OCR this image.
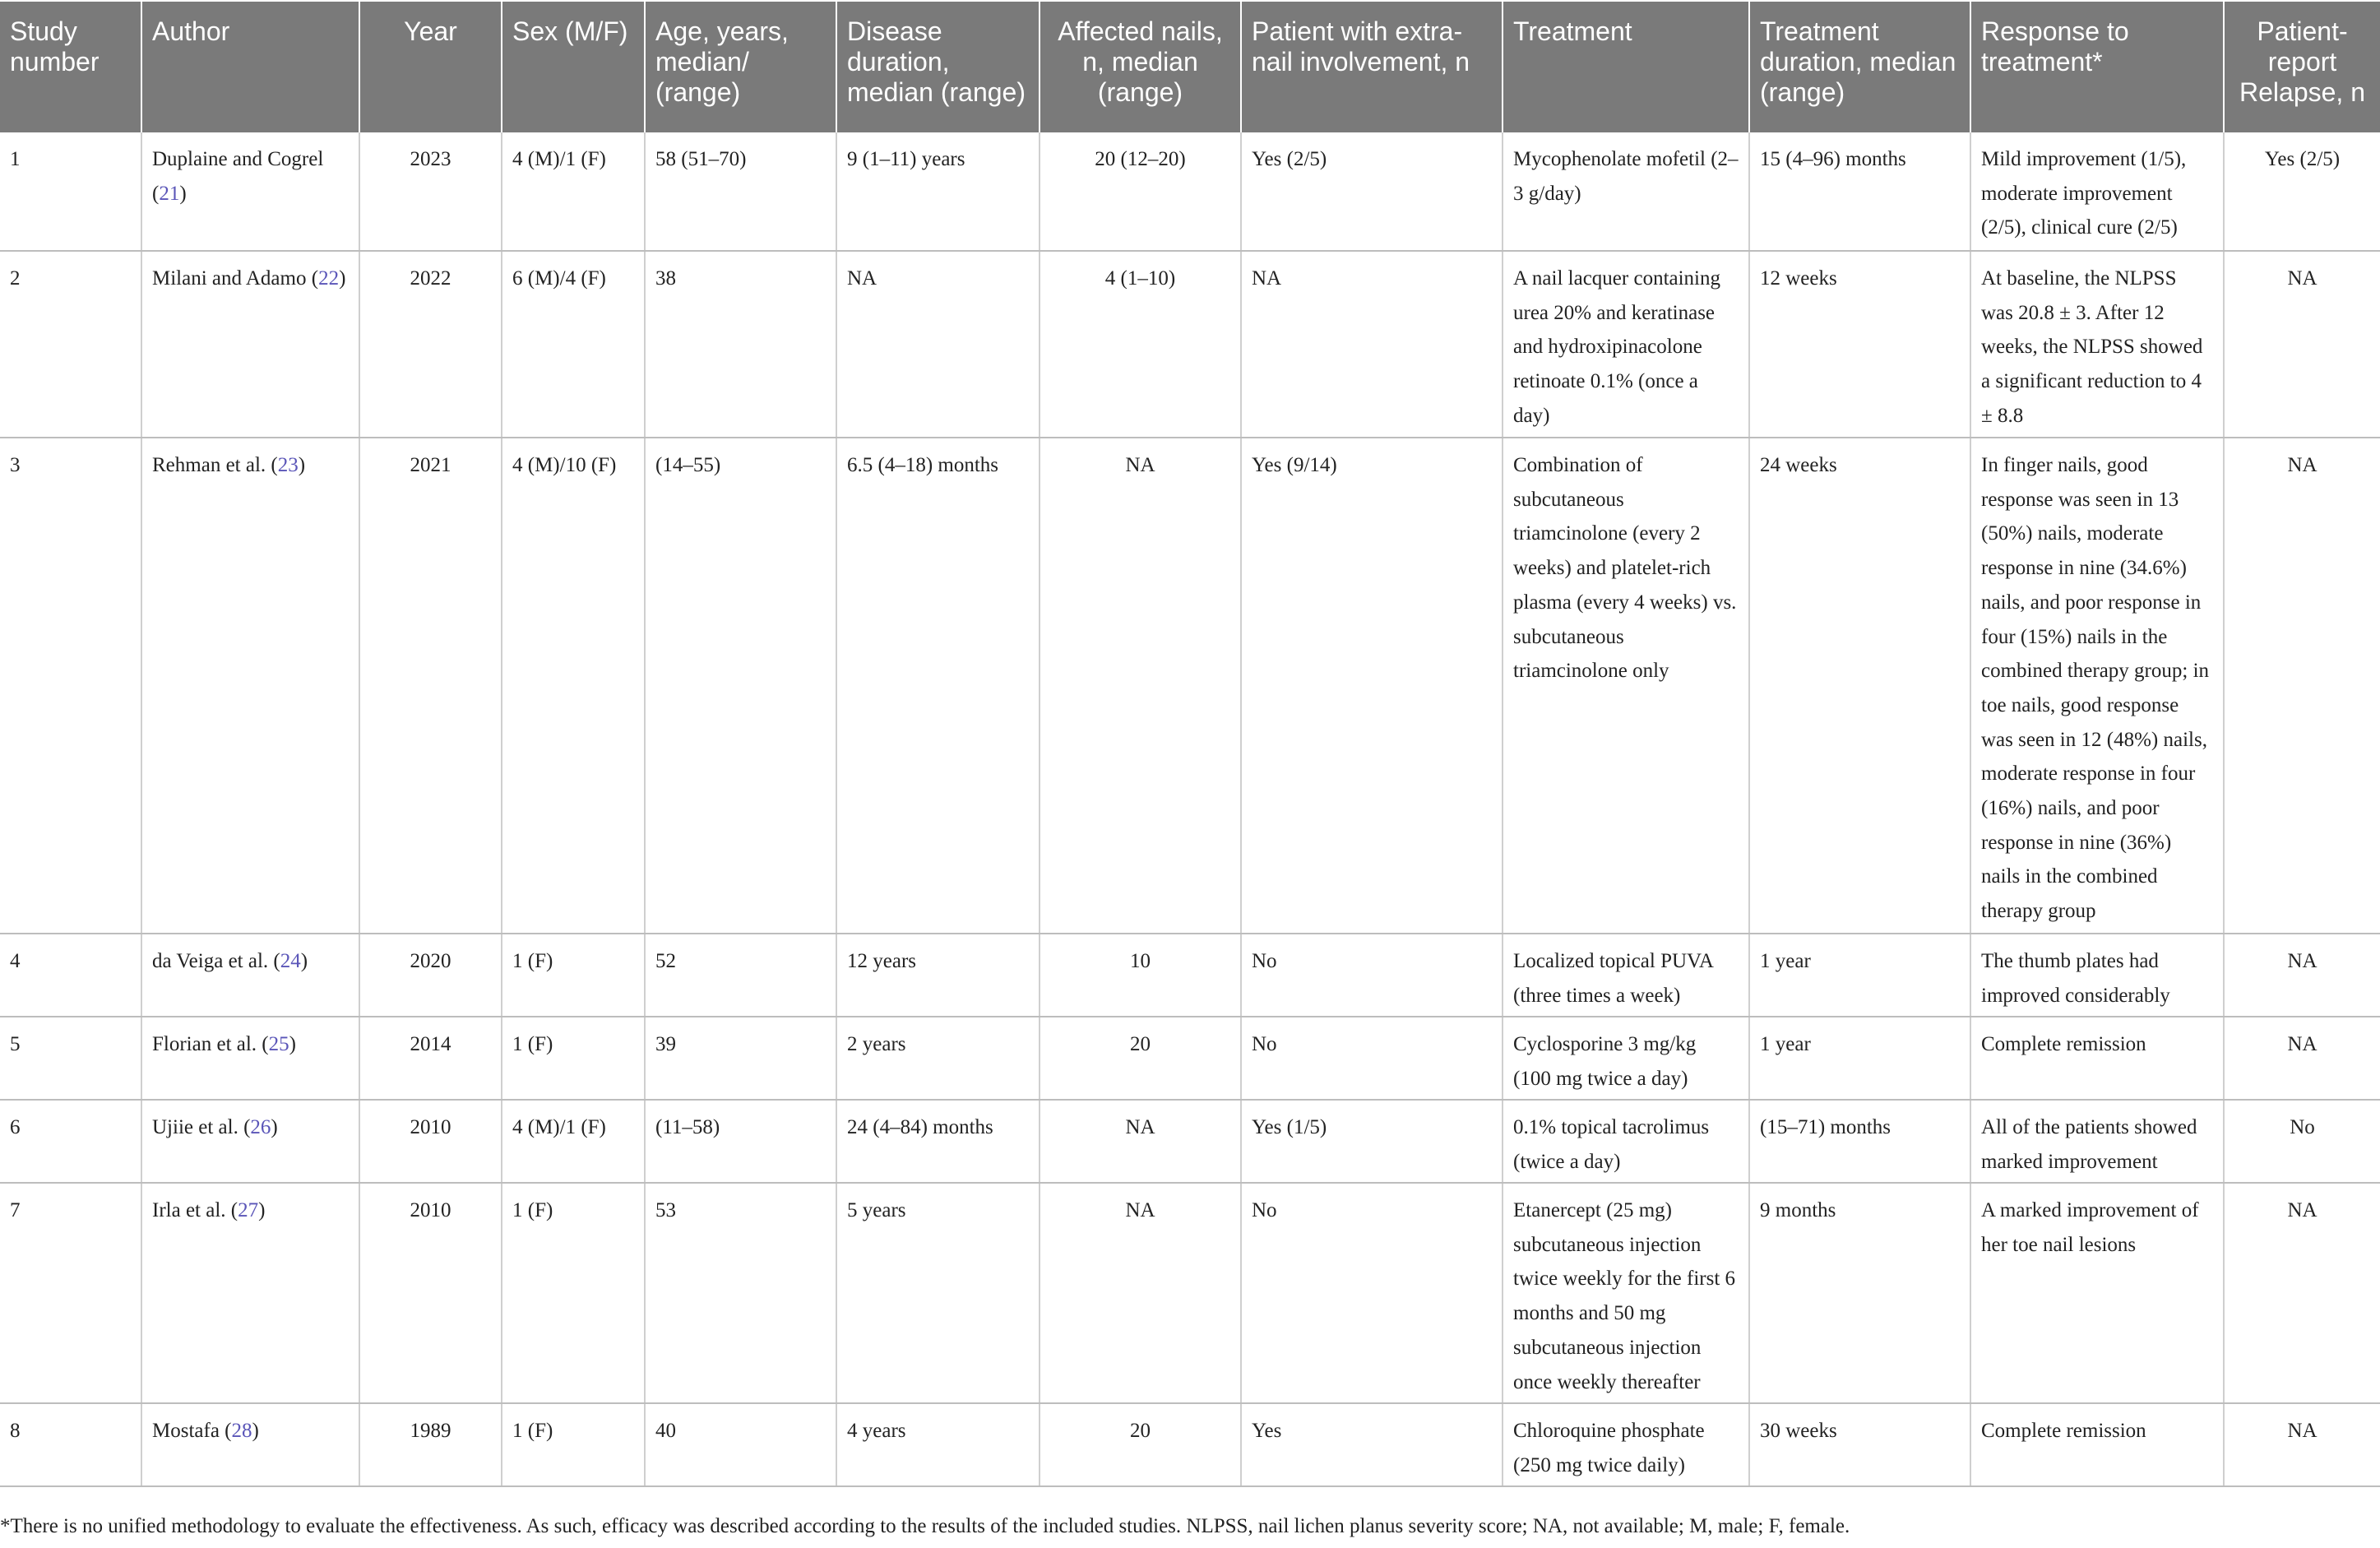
Study number	Author	Year	Sex (M/F)	Age, years, median/ (range)	Disease duration, median (range)	Affected nails, n, median (range)	Patient with extra-nail involvement, n	Treatment	Treatment duration, median (range)	Response to treatment*	Patient-report Relapse, n
1	Duplaine and Cogrel (21)	2023	4 (M)/1 (F)	58 (51–70)	9 (1–11) years	20 (12–20)	Yes (2/5)	Mycophenolate mofetil (2–3 g/day)	15 (4–96) months	Mild improvement (1/5), moderate improvement (2/5), clinical cure (2/5)	Yes (2/5)
2	Milani and Adamo (22)	2022	6 (M)/4 (F)	38	NA	4 (1–10)	NA	A nail lacquer containing urea 20% and keratinase and hydroxipinacolone retinoate 0.1% (once a day)	12 weeks	At baseline, the NLPSS was 20.8 ± 3. After 12 weeks, the NLPSS showed a significant reduction to 4 ± 8.8	NA
3	Rehman et al. (23)	2021	4 (M)/10 (F)	(14–55)	6.5 (4–18) months	NA	Yes (9/14)	Combination of subcutaneous triamcinolone (every 2 weeks) and platelet-rich plasma (every 4 weeks) vs. subcutaneous triamcinolone only	24 weeks	In finger nails, good response was seen in 13 (50%) nails, moderate response in nine (34.6%) nails, and poor response in four (15%) nails in the combined therapy group; in toe nails, good response was seen in 12 (48%) nails, moderate response in four (16%) nails, and poor response in nine (36%) nails in the combined therapy group	NA
4	da Veiga et al. (24)	2020	1 (F)	52	12 years	10	No	Localized topical PUVA (three times a week)	1 year	The thumb plates had improved considerably	NA
5	Florian et al. (25)	2014	1 (F)	39	2 years	20	No	Cyclosporine 3 mg/kg (100 mg twice a day)	1 year	Complete remission	NA
6	Ujiie et al. (26)	2010	4 (M)/1 (F)	(11–58)	24 (4–84) months	NA	Yes (1/5)	0.1% topical tacrolimus (twice a day)	(15–71) months	All of the patients showed marked improvement	No
7	Irla et al. (27)	2010	1 (F)	53	5 years	NA	No	Etanercept (25 mg) subcutaneous injection twice weekly for the first 6 months and 50 mg subcutaneous injection once weekly thereafter	9 months	A marked improvement of her toe nail lesions	NA
8	Mostafa (28)	1989	1 (F)	40	4 years	20	Yes	Chloroquine phosphate (250 mg twice daily)	30 weeks	Complete remission	NA
*There is no unified methodology to evaluate the effectiveness. As such, efficacy was described according to the results of the included studies. NLPSS, nail lichen planus severity score; NA, not available; M, male; F, female.
